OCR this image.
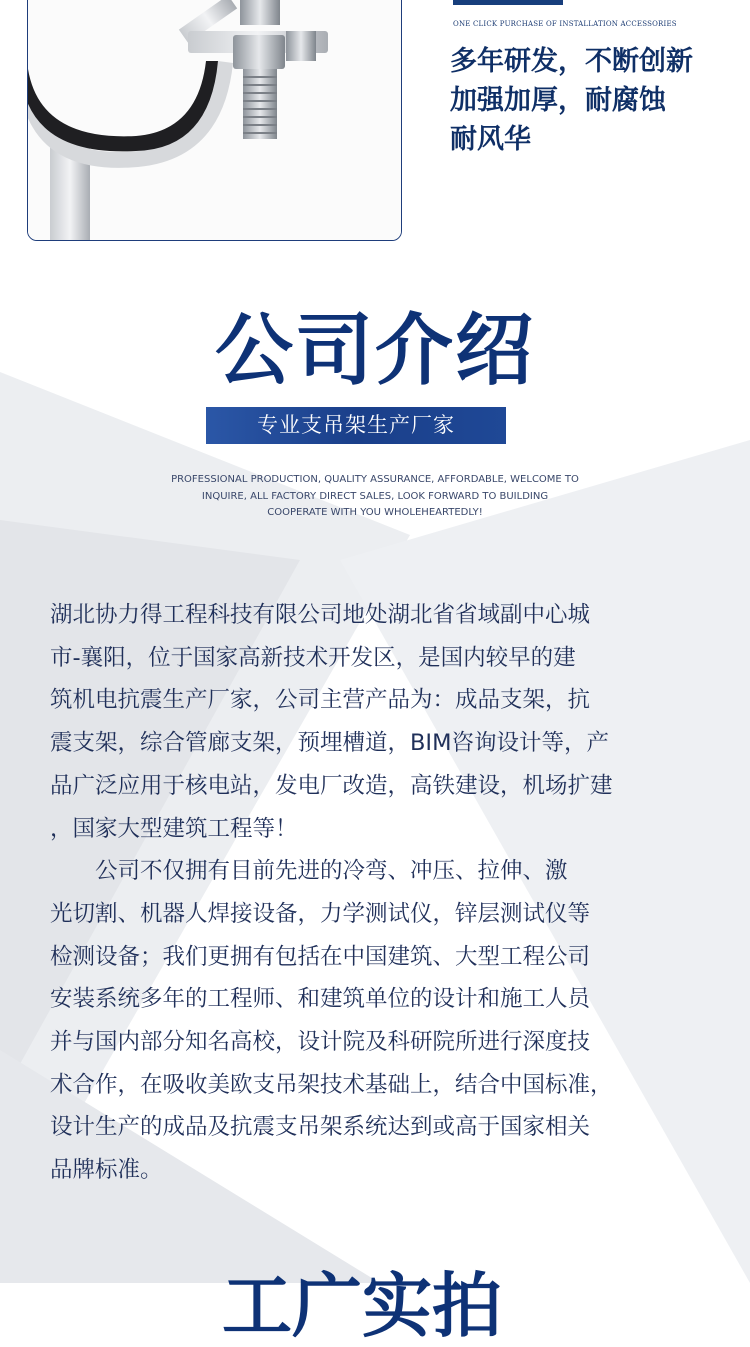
ONE CLICK PURCHASE OF INSTALLATION ACCESSORIES
多年研发，不断创新
加强加厚，耐腐蚀
耐风华
公司介绍
专业支吊架生产厂家
PROFESSIONAL PRODUCTION, QUALITY ASSURANCE, AFFORDABLE, WELCOME TO
INQUIRE, ALL FACTORY DIRECT SALES, LOOK FORWARD TO BUILDING
COOPERATE WITH YOU WHOLEHEARTEDLY!
湖北协力得工程科技有限公司地处湖北省省域副中心城
市-襄阳，位于国家高新技术开发区，是国内较早的建
筑机电抗震生产厂家，公司主营产品为：成品支架，抗
震支架，综合管廊支架，预埋槽道，BIM咨询设计等，产
品广泛应用于核电站，发电厂改造，高铁建设，机场扩建
，国家大型建筑工程等！
　　公司不仅拥有目前先进的冷弯、冲压、拉伸、激
光切割、机器人焊接设备，力学测试仪，锌层测试仪等
检测设备；我们更拥有包括在中国建筑、大型工程公司
安装系统多年的工程师、和建筑单位的设计和施工人员
并与国内部分知名高校，设计院及科研院所进行深度技
术合作，在吸收美欧支吊架技术基础上，结合中国标准，
设计生产的成品及抗震支吊架系统达到或高于国家相关
品牌标准。
工广实拍
